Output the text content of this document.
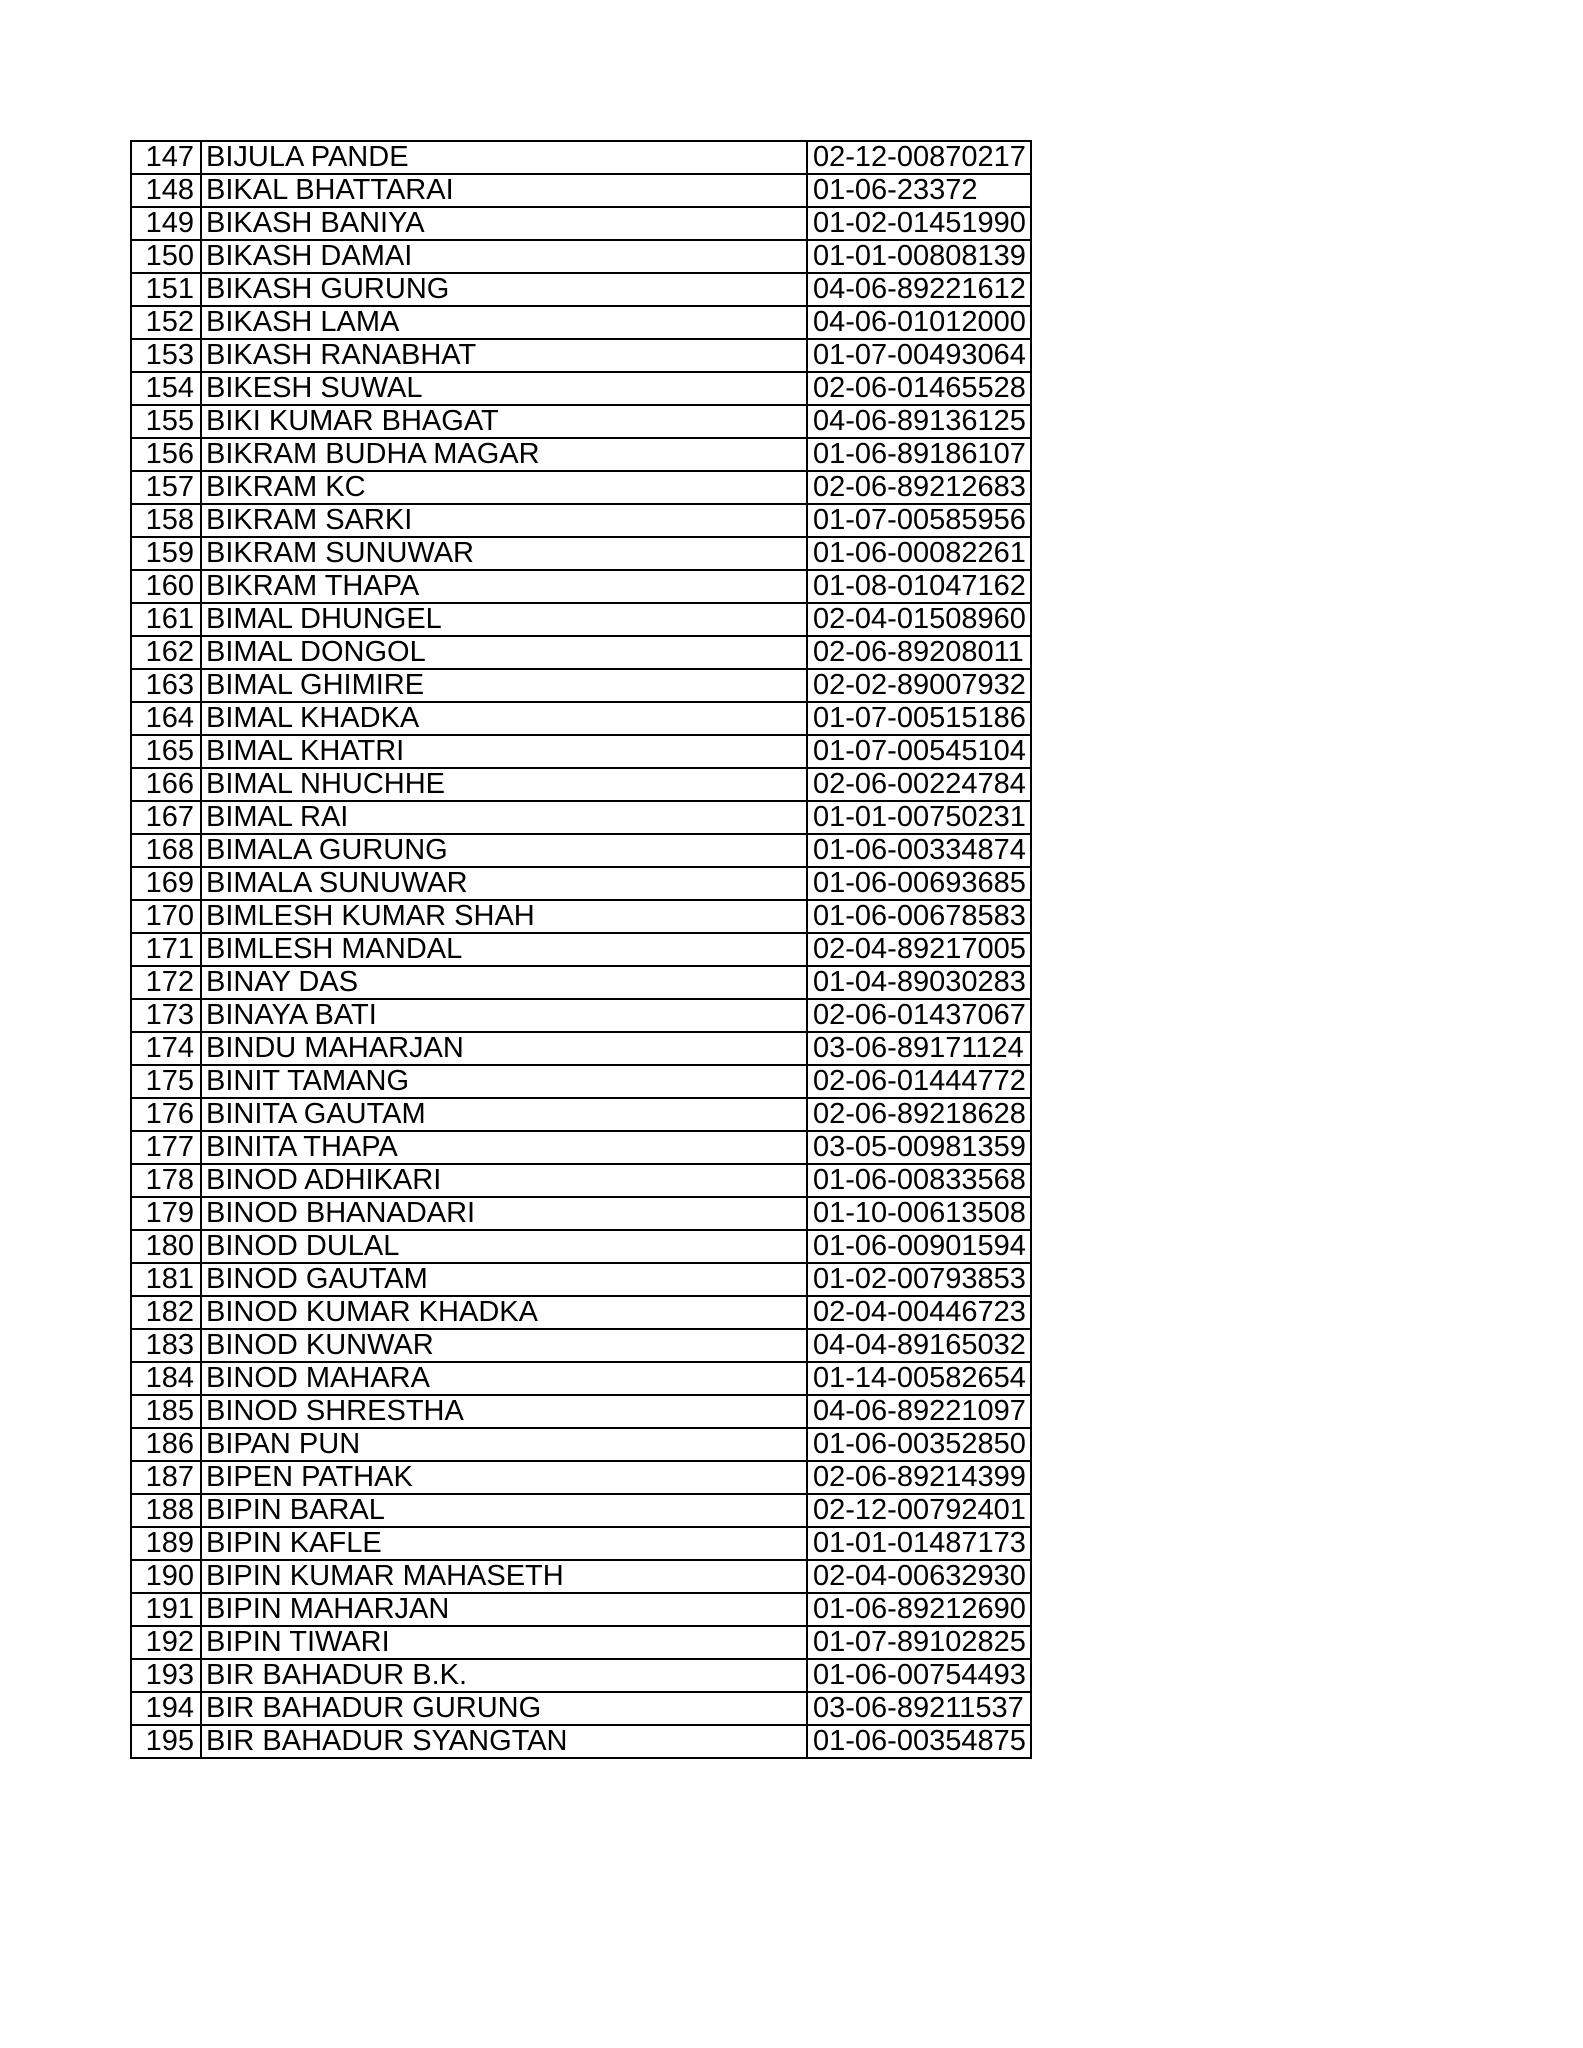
147	BIJULA PANDE	02-12-00870217
148	BIKAL BHATTARAI	01-06-23372
149	BIKASH BANIYA	01-02-01451990
150	BIKASH DAMAI	01-01-00808139
151	BIKASH GURUNG	04-06-89221612
152	BIKASH LAMA	04-06-01012000
153	BIKASH RANABHAT	01-07-00493064
154	BIKESH SUWAL	02-06-01465528
155	BIKI KUMAR BHAGAT	04-06-89136125
156	BIKRAM BUDHA MAGAR	01-06-89186107
157	BIKRAM KC	02-06-89212683
158	BIKRAM SARKI	01-07-00585956
159	BIKRAM SUNUWAR	01-06-00082261
160	BIKRAM THAPA	01-08-01047162
161	BIMAL DHUNGEL	02-04-01508960
162	BIMAL DONGOL	02-06-89208011
163	BIMAL GHIMIRE	02-02-89007932
164	BIMAL KHADKA	01-07-00515186
165	BIMAL KHATRI	01-07-00545104
166	BIMAL NHUCHHE	02-06-00224784
167	BIMAL RAI	01-01-00750231
168	BIMALA GURUNG	01-06-00334874
169	BIMALA SUNUWAR	01-06-00693685
170	BIMLESH KUMAR SHAH	01-06-00678583
171	BIMLESH MANDAL	02-04-89217005
172	BINAY DAS	01-04-89030283
173	BINAYA BATI	02-06-01437067
174	BINDU MAHARJAN	03-06-89171124
175	BINIT TAMANG	02-06-01444772
176	BINITA GAUTAM	02-06-89218628
177	BINITA THAPA	03-05-00981359
178	BINOD ADHIKARI	01-06-00833568
179	BINOD BHANADARI	01-10-00613508
180	BINOD DULAL	01-06-00901594
181	BINOD GAUTAM	01-02-00793853
182	BINOD KUMAR KHADKA	02-04-00446723
183	BINOD KUNWAR	04-04-89165032
184	BINOD MAHARA	01-14-00582654
185	BINOD SHRESTHA	04-06-89221097
186	BIPAN PUN	01-06-00352850
187	BIPEN PATHAK	02-06-89214399
188	BIPIN BARAL	02-12-00792401
189	BIPIN KAFLE	01-01-01487173
190	BIPIN KUMAR MAHASETH	02-04-00632930
191	BIPIN MAHARJAN	01-06-89212690
192	BIPIN TIWARI	01-07-89102825
193	BIR BAHADUR B.K.	01-06-00754493
194	BIR BAHADUR GURUNG	03-06-89211537
195	BIR BAHADUR SYANGTAN	01-06-00354875
